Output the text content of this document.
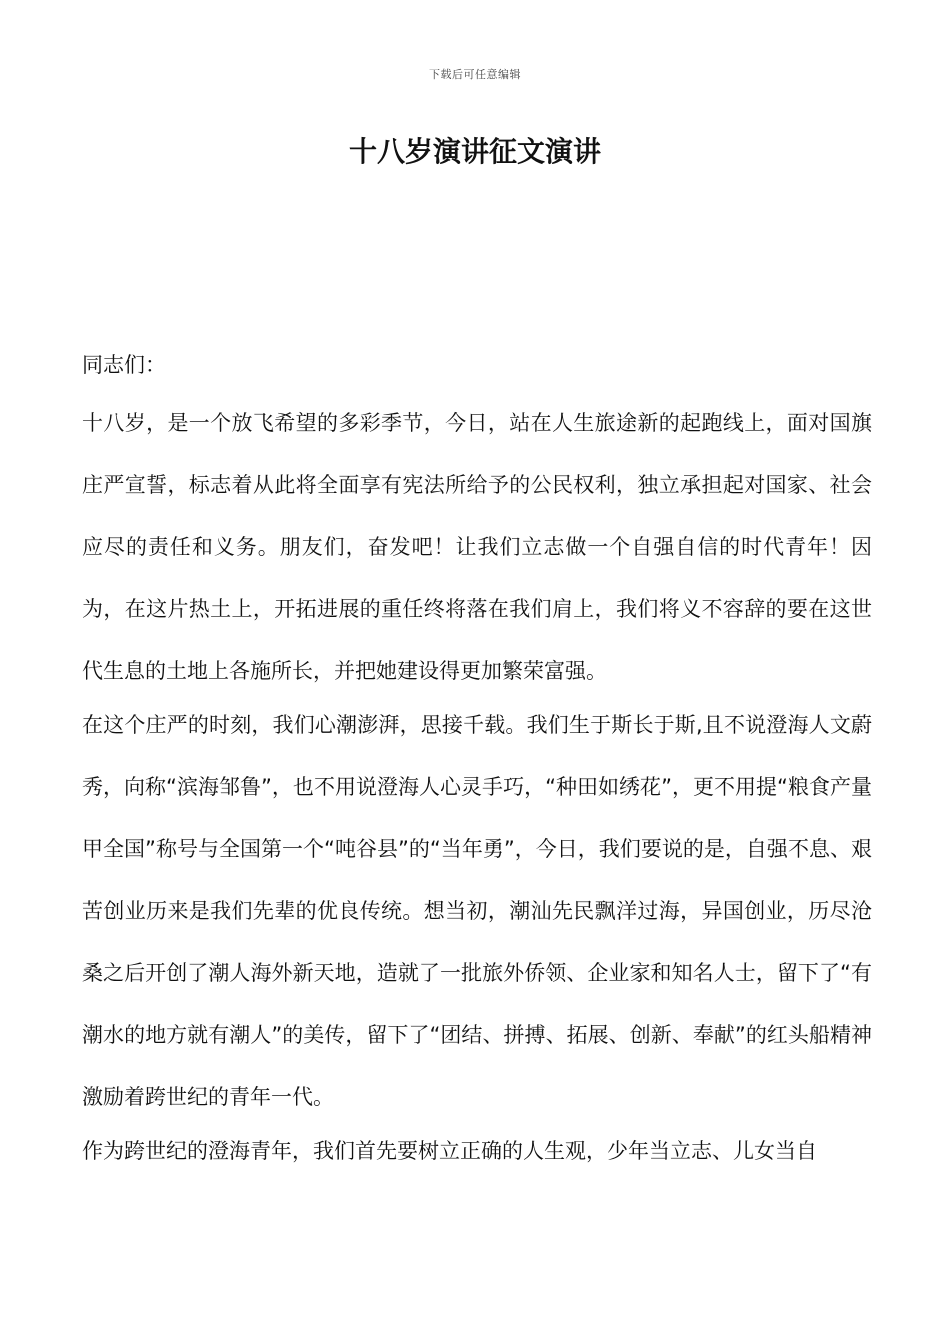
下载后可任意编辑
十八岁演讲征文演讲

同志们：

十八岁，是一个放飞希望的多彩季节，今日，站在人生旅途新的起跑线上，面对国旗庄严宣誓，标志着从此将全面享有宪法所给予的公民权利，独立承担起对国家、社会应尽的责任和义务。朋友们，奋发吧！让我们立志做一个自强自信的时代青年！因为，在这片热土上，开拓进展的重任终将落在我们肩上，我们将义不容辞的要在这世代生息的土地上各施所长，并把她建设得更加繁荣富强。

在这个庄严的时刻，我们心潮澎湃，思接千载。我们生于斯长于斯,且不说澄海人文蔚秀，向称“滨海邹鲁”，也不用说澄海人心灵手巧，“种田如绣花”，更不用提“粮食产量甲全国”称号与全国第一个“吨谷县”的“当年勇”，今日，我们要说的是，自强不息、艰苦创业历来是我们先辈的优良传统。想当初，潮汕先民飘洋过海，异国创业，历尽沧桑之后开创了潮人海外新天地，造就了一批旅外侨领、企业家和知名人士，留下了“有潮水的地方就有潮人”的美传，留下了“团结、拼搏、拓展、创新、奉献”的红头船精神激励着跨世纪的青年一代。

作为跨世纪的澄海青年，我们首先要树立正确的人生观，少年当立志、儿女当自
